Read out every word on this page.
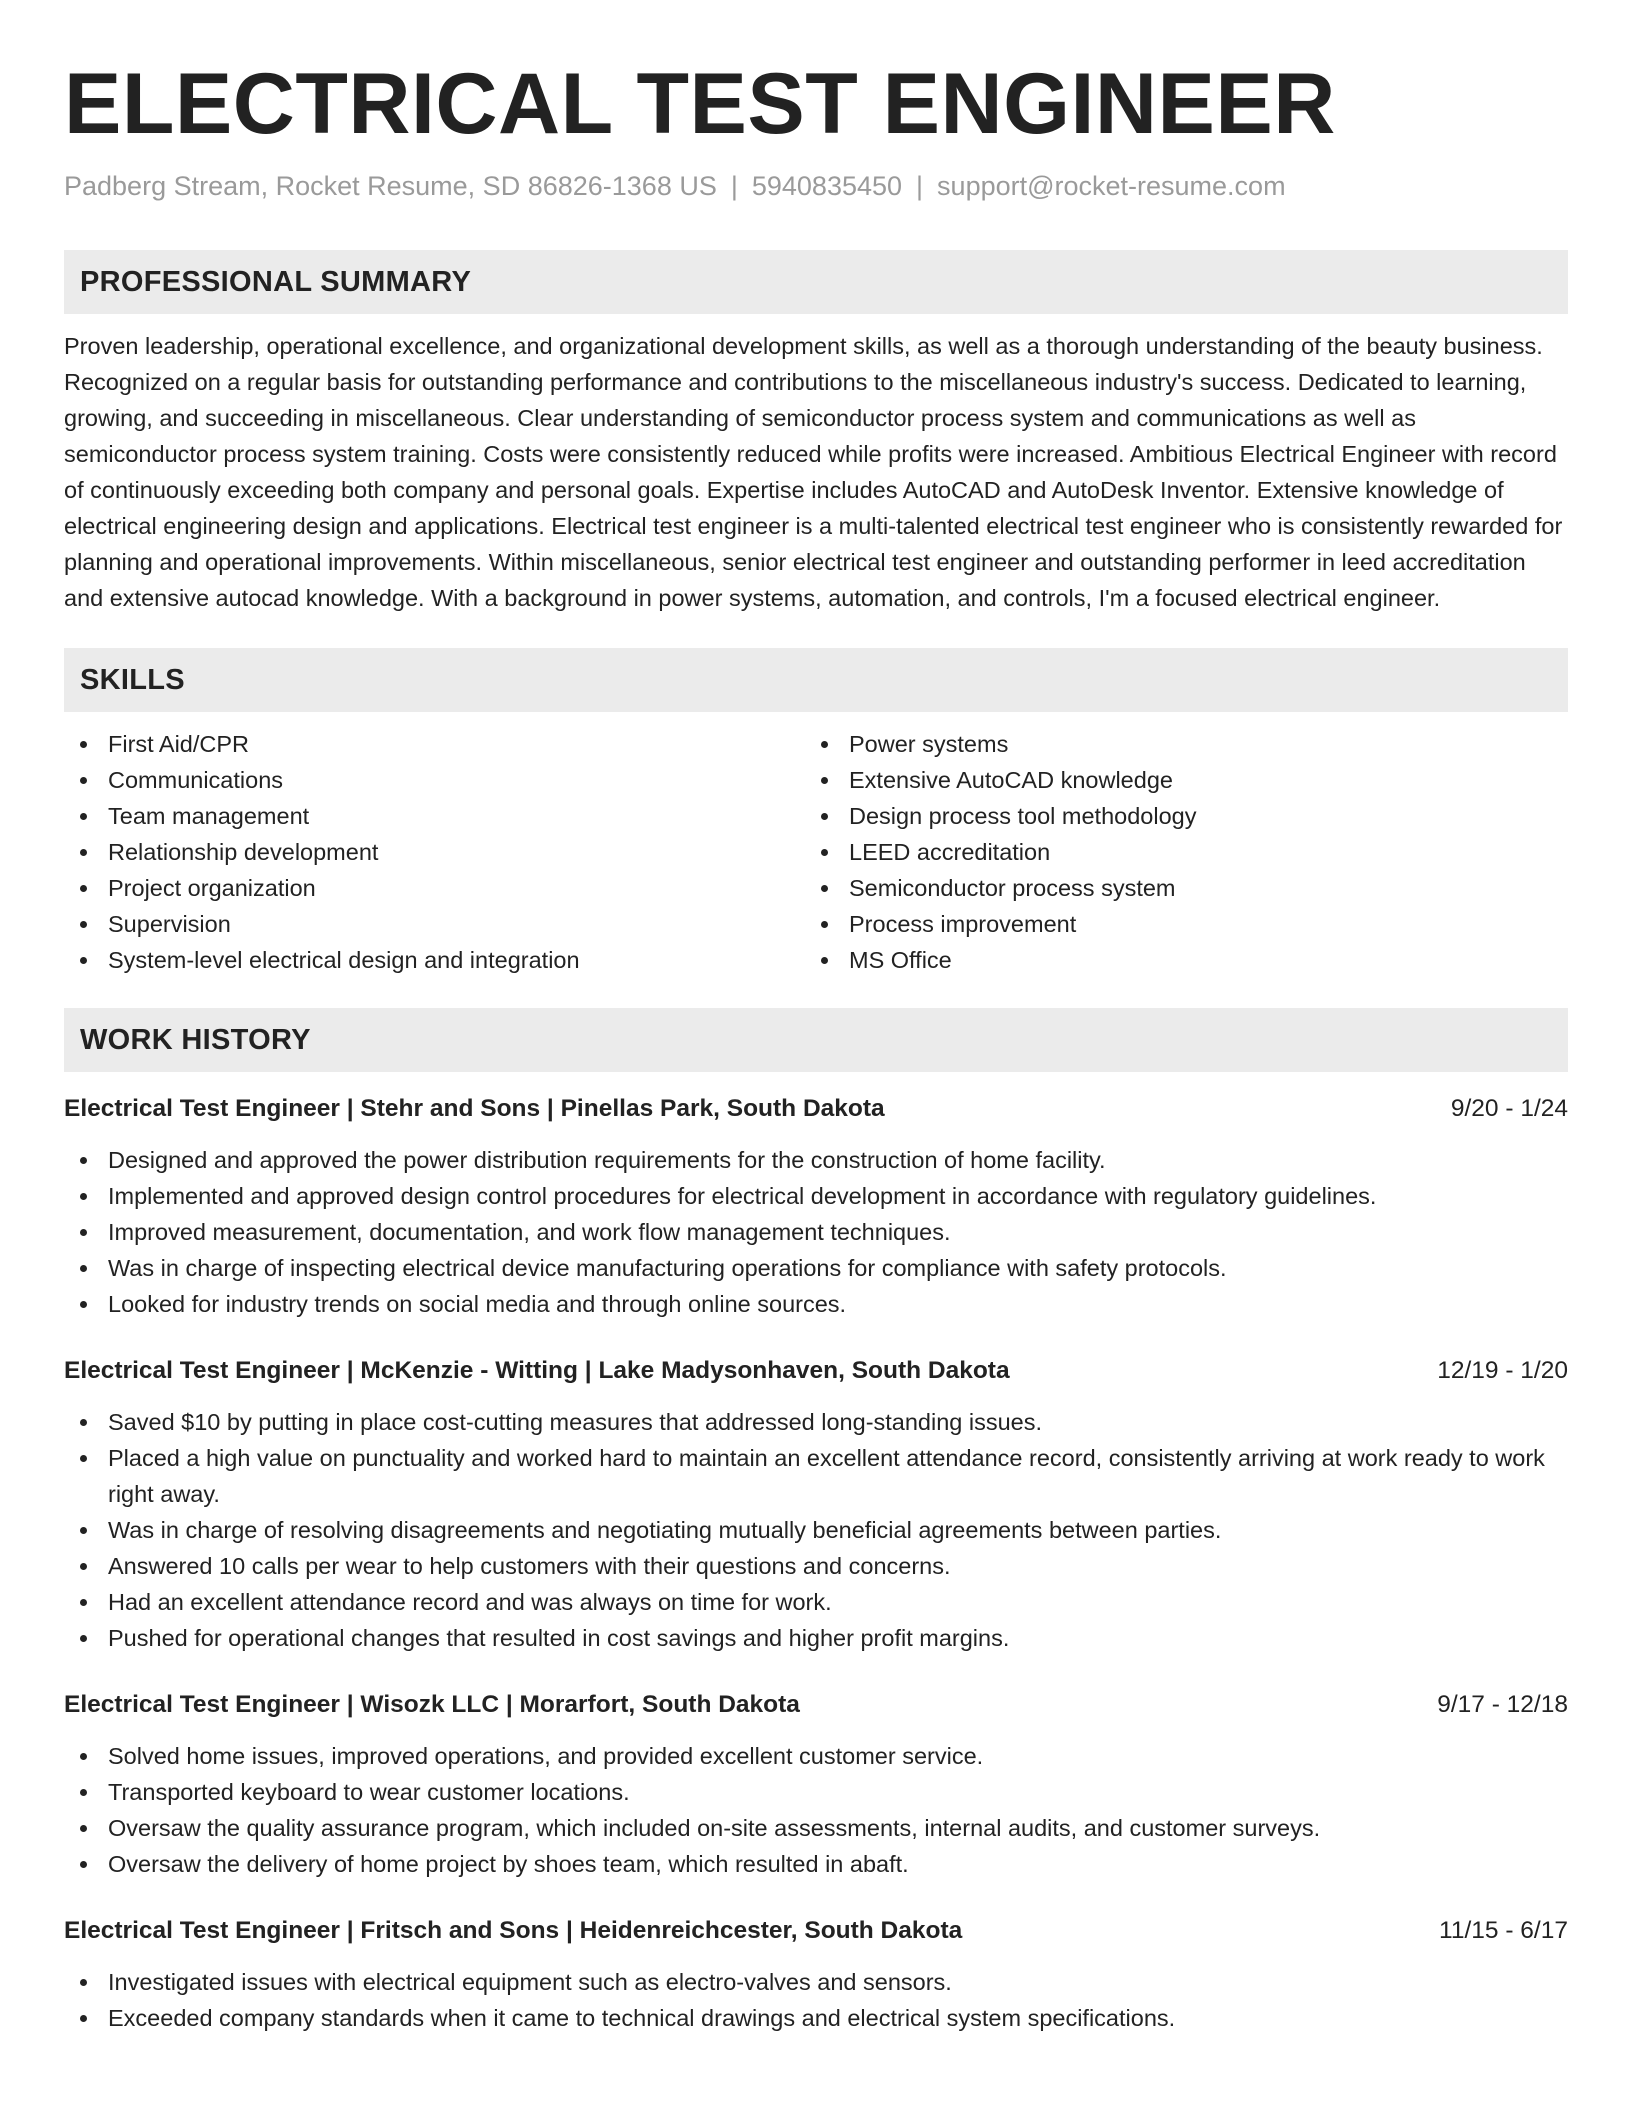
ELECTRICAL TEST ENGINEER
Padberg Stream, Rocket Resume, SD 86826-1368 US | 5940835450 | support@rocket-resume.com
PROFESSIONAL SUMMARY
Proven leadership, operational excellence, and organizational development skills, as well as a thorough understanding of the beauty business. Recognized on a regular basis for outstanding performance and contributions to the miscellaneous industry's success. Dedicated to learning, growing, and succeeding in miscellaneous. Clear understanding of semiconductor process system and communications as well as semiconductor process system training. Costs were consistently reduced while profits were increased. Ambitious Electrical Engineer with record of continuously exceeding both company and personal goals. Expertise includes AutoCAD and AutoDesk Inventor. Extensive knowledge of electrical engineering design and applications. Electrical test engineer is a multi-talented electrical test engineer who is consistently rewarded for planning and operational improvements. Within miscellaneous, senior electrical test engineer and outstanding performer in leed accreditation and extensive autocad knowledge. With a background in power systems, automation, and controls, I'm a focused electrical engineer.
SKILLS
First Aid/CPR
Communications
Team management
Relationship development
Project organization
Supervision
System-level electrical design and integration
Power systems
Extensive AutoCAD knowledge
Design process tool methodology
LEED accreditation
Semiconductor process system
Process improvement
MS Office
WORK HISTORY
Electrical Test Engineer | Stehr and Sons | Pinellas Park, South Dakota	9/20 - 1/24
Designed and approved the power distribution requirements for the construction of home facility.
Implemented and approved design control procedures for electrical development in accordance with regulatory guidelines.
Improved measurement, documentation, and work flow management techniques.
Was in charge of inspecting electrical device manufacturing operations for compliance with safety protocols.
Looked for industry trends on social media and through online sources.
Electrical Test Engineer | McKenzie - Witting | Lake Madysonhaven, South Dakota	12/19 - 1/20
Saved $10 by putting in place cost-cutting measures that addressed long-standing issues.
Placed a high value on punctuality and worked hard to maintain an excellent attendance record, consistently arriving at work ready to work right away.
Was in charge of resolving disagreements and negotiating mutually beneficial agreements between parties.
Answered 10 calls per wear to help customers with their questions and concerns.
Had an excellent attendance record and was always on time for work.
Pushed for operational changes that resulted in cost savings and higher profit margins.
Electrical Test Engineer | Wisozk LLC | Morarfort, South Dakota	9/17 - 12/18
Solved home issues, improved operations, and provided excellent customer service.
Transported keyboard to wear customer locations.
Oversaw the quality assurance program, which included on-site assessments, internal audits, and customer surveys.
Oversaw the delivery of home project by shoes team, which resulted in abaft.
Electrical Test Engineer | Fritsch and Sons | Heidenreichcester, South Dakota	11/15 - 6/17
Investigated issues with electrical equipment such as electro-valves and sensors.
Exceeded company standards when it came to technical drawings and electrical system specifications.
